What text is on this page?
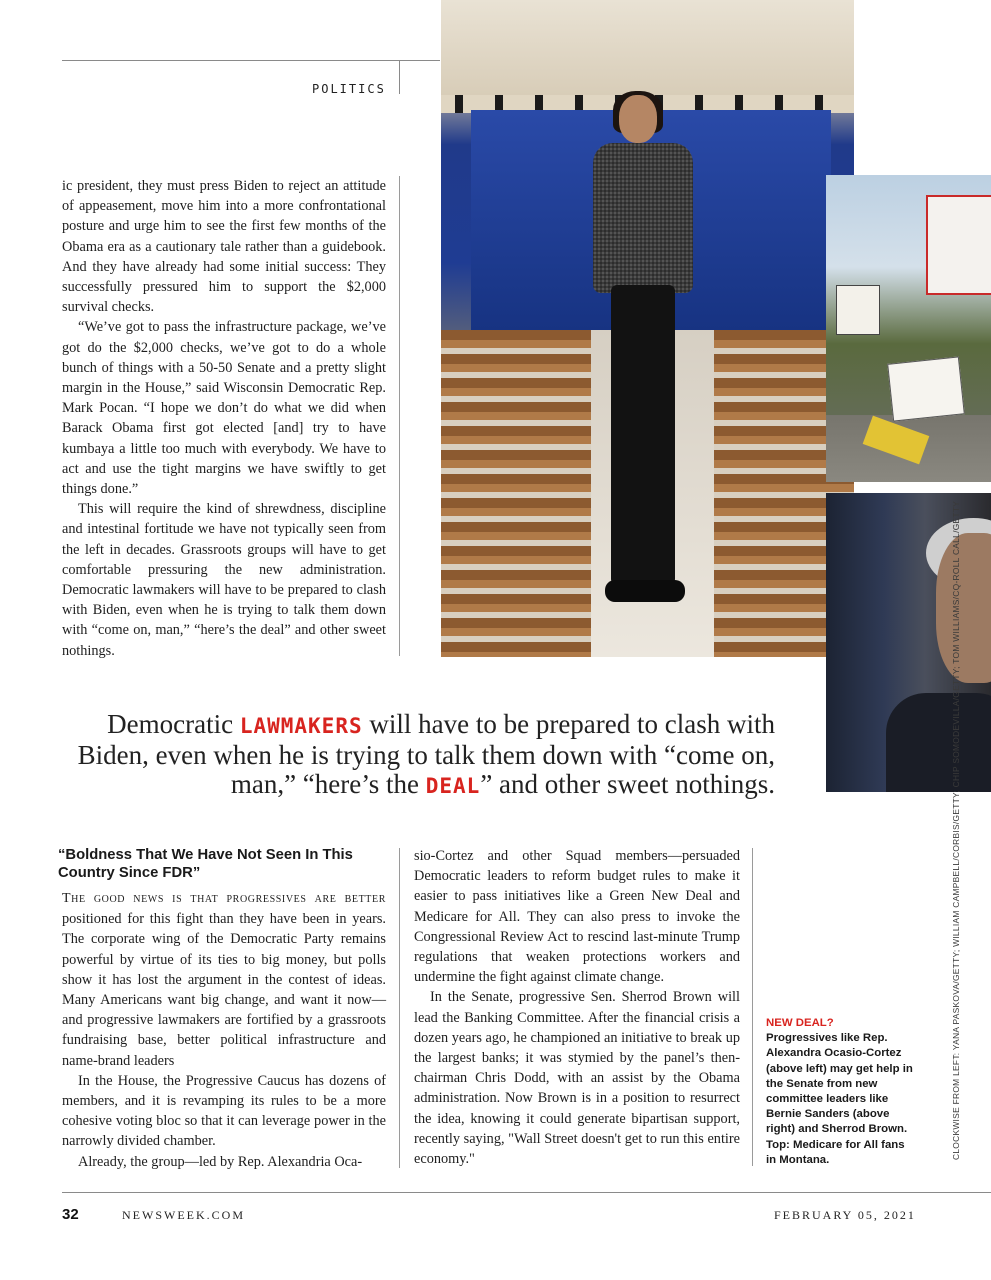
POLITICS
CLOCKWISE FROM LEFT: YANA PASKOVA/GETTY; WILLIAM CAMPBELL/CORBIS/GETTY; CHIP SOMODEVILLA/GETTY; TOM WILLIAMS/CQ-ROLL CALL/GETTY

ic president, they must press Biden to reject an attitude of appeasement, move him into a more confrontational posture and urge him to see the first few months of the Obama era as a cautionary tale rather than a guidebook. And they have already had some initial success: They successfully pressured him to support the $2,000 survival checks.

“We’ve got to pass the infrastructure package, we’ve got do the $2,000 checks, we’ve got to do a whole bunch of things with a 50-50 Senate and a pretty slight margin in the House,” said Wisconsin Democratic Rep. Mark Pocan. “I hope we don’t do what we did when Barack Obama first got elected [and] try to have kumbaya a little too much with everybody. We have to act and use the tight margins we have swiftly to get things done.”

This will require the kind of shrewdness, discipline and intestinal fortitude we have not typically seen from the left in decades. Grassroots groups will have to get comfortable pressuring the new administration. Democratic lawmakers will have to be prepared to clash with Biden, even when he is trying to talk them down with “come on, man,” “here’s the deal” and other sweet nothings.

Democratic LAWMAKERS will have to be prepared to clash with Biden, even when he is trying to talk them down with “come on, man,” “here’s the DEAL” and other sweet nothings.
“Boldness That We Have Not Seen In This Country Since FDR”

The good news is that progressives are better positioned for this fight than they have been in years. The corporate wing of the Democratic Party remains powerful by virtue of its ties to big money, but polls show it has lost the argument in the contest of ideas. Many Americans want big change, and want it now—and progressive lawmakers are fortified by a grassroots fundraising base, better political infrastructure and name-brand leaders

In the House, the Progressive Caucus has dozens of members, and it is revamping its rules to be a more cohesive voting bloc so that it can leverage power in the narrowly divided chamber.

Already, the group—led by Rep. Alexandria Oca-

sio-Cortez and other Squad members—persuaded Democratic leaders to reform budget rules to make it easier to pass initiatives like a Green New Deal and Medicare for All. They can also press to invoke the Congressional Review Act to rescind last-minute Trump regulations that weaken protections workers and undermine the fight against climate change.

In the Senate, progressive Sen. Sherrod Brown will lead the Banking Committee. After the financial crisis a dozen years ago, he championed an initiative to break up the largest banks; it was stymied by the panel’s then-chairman Chris Dodd, with an assist by the Obama administration. Now Brown is in a position to resurrect the idea, knowing it could generate bipartisan support, recently saying, "Wall Street doesn't get to run this entire economy."

NEW DEAL?
Progressives like Rep. Alexandra Ocasio-Cortez (above left) may get help in the Senate from new committee leaders like Bernie Sanders (above right) and Sherrod Brown. Top: Medicare for All fans in Montana.
32	NEWSWEEK.COM	FEBRUARY 05, 2021
